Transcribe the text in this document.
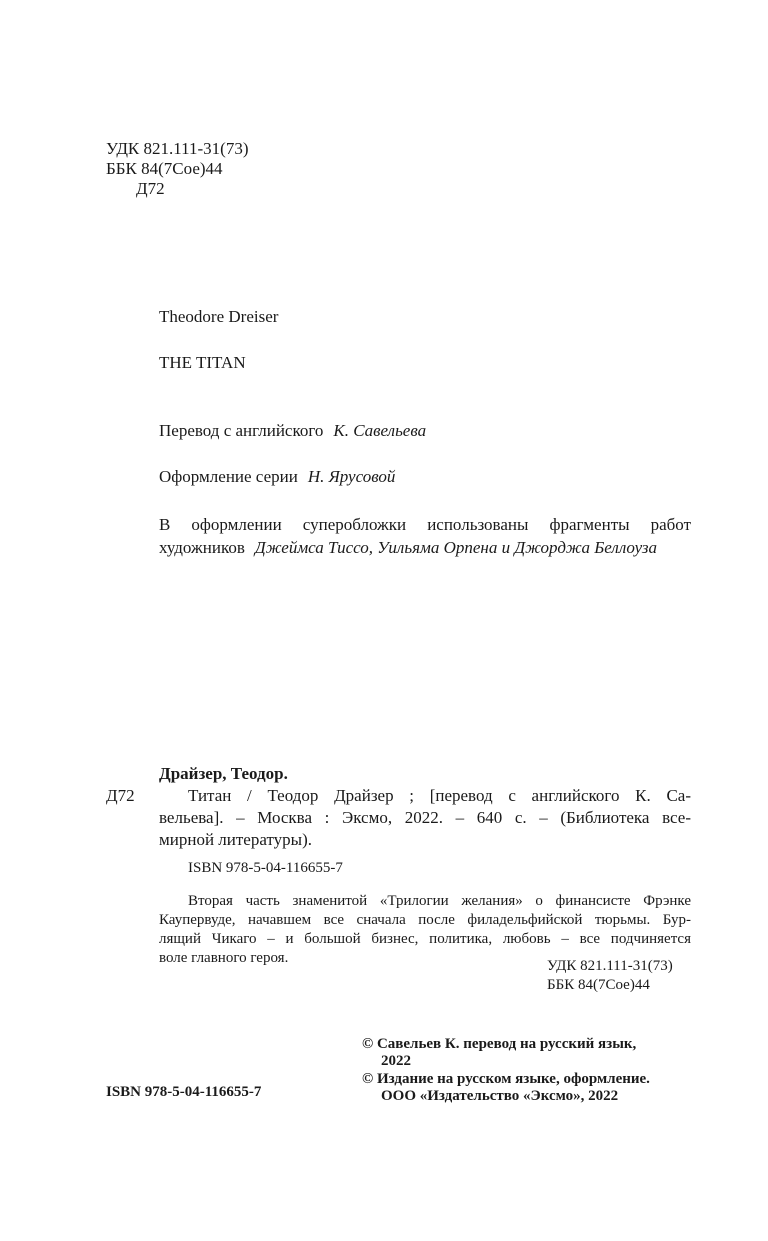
УДК 821.111-31(73)
ББК 84(7Сое)44
Д72
Theodore Dreiser
THE TITAN
Перевод с английского К. Савельева
Оформление серии Н. Ярусовой
В оформлении суперобложки использованы фрагменты работ
художников Джеймса Тиссо, Уильяма Орпена и Джорджа Беллоуза
Драйзер, Теодор.
Д72	Титан / Теодор Драйзер ; [перевод с английского К. Са-
вельева]. – Москва : Эксмо, 2022. – 640 с. – (Библиотека все-
мирной литературы).
ISBN 978-5-04-116655-7
Вторая часть знаменитой «Трилогии желания» о финансисте Фрэнке
Каупервуде, начавшем все сначала после филадельфийской тюрьмы. Бур-
лящий Чикаго – и большой бизнес, политика, любовь – все подчиняется
воле главного героя.	УДК 821.111-31(73)
ББК 84(7Сое)44
ISBN 978-5-04-116655-7
© Савельев К. перевод на русский язык,
2022
© Издание на русском языке, оформление.
ООО «Издательство «Эксмо», 2022
